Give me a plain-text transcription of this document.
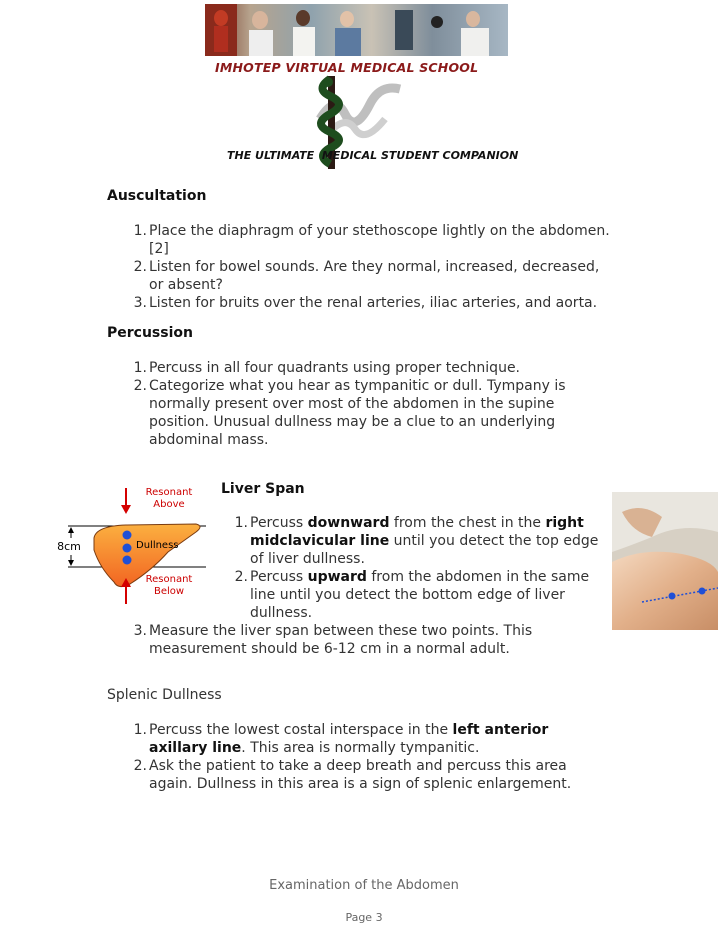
IMHOTEP VIRTUAL MEDICAL SCHOOL
THE ULTIMATE  MEDICAL STUDENT COMPANION
Auscultation
1. Place the diaphragm of your stethoscope lightly on the abdomen.
[2]
2. Listen for bowel sounds. Are they normal, increased, decreased,
or absent?
3. Listen for bruits over the renal arteries, iliac arteries, and aorta.
Percussion
1. Percuss in all four quadrants using proper technique.
2. Categorize what you hear as tympanitic or dull. Tympany is
normally present over most of the abdomen in the supine
position. Unusual dullness may be a clue to an underlying
abdominal mass.
Liver Span
8cm
Resonant
Above
Dullness
Resonant
Below
1. Percuss downward from the chest in the right
midclavicular line until you detect the top edge
of liver dullness.
2. Percuss upward from the abdomen in the same
line until you detect the bottom edge of liver
dullness.
3. Measure the liver span between these two points. This
measurement should be 6-12 cm in a normal adult.
Splenic Dullness
1. Percuss the lowest costal interspace in the left anterior
axillary line. This area is normally tympanitic.
2. Ask the patient to take a deep breath and percuss this area
again. Dullness in this area is a sign of splenic enlargement.
Examination of the Abdomen
Page 3
